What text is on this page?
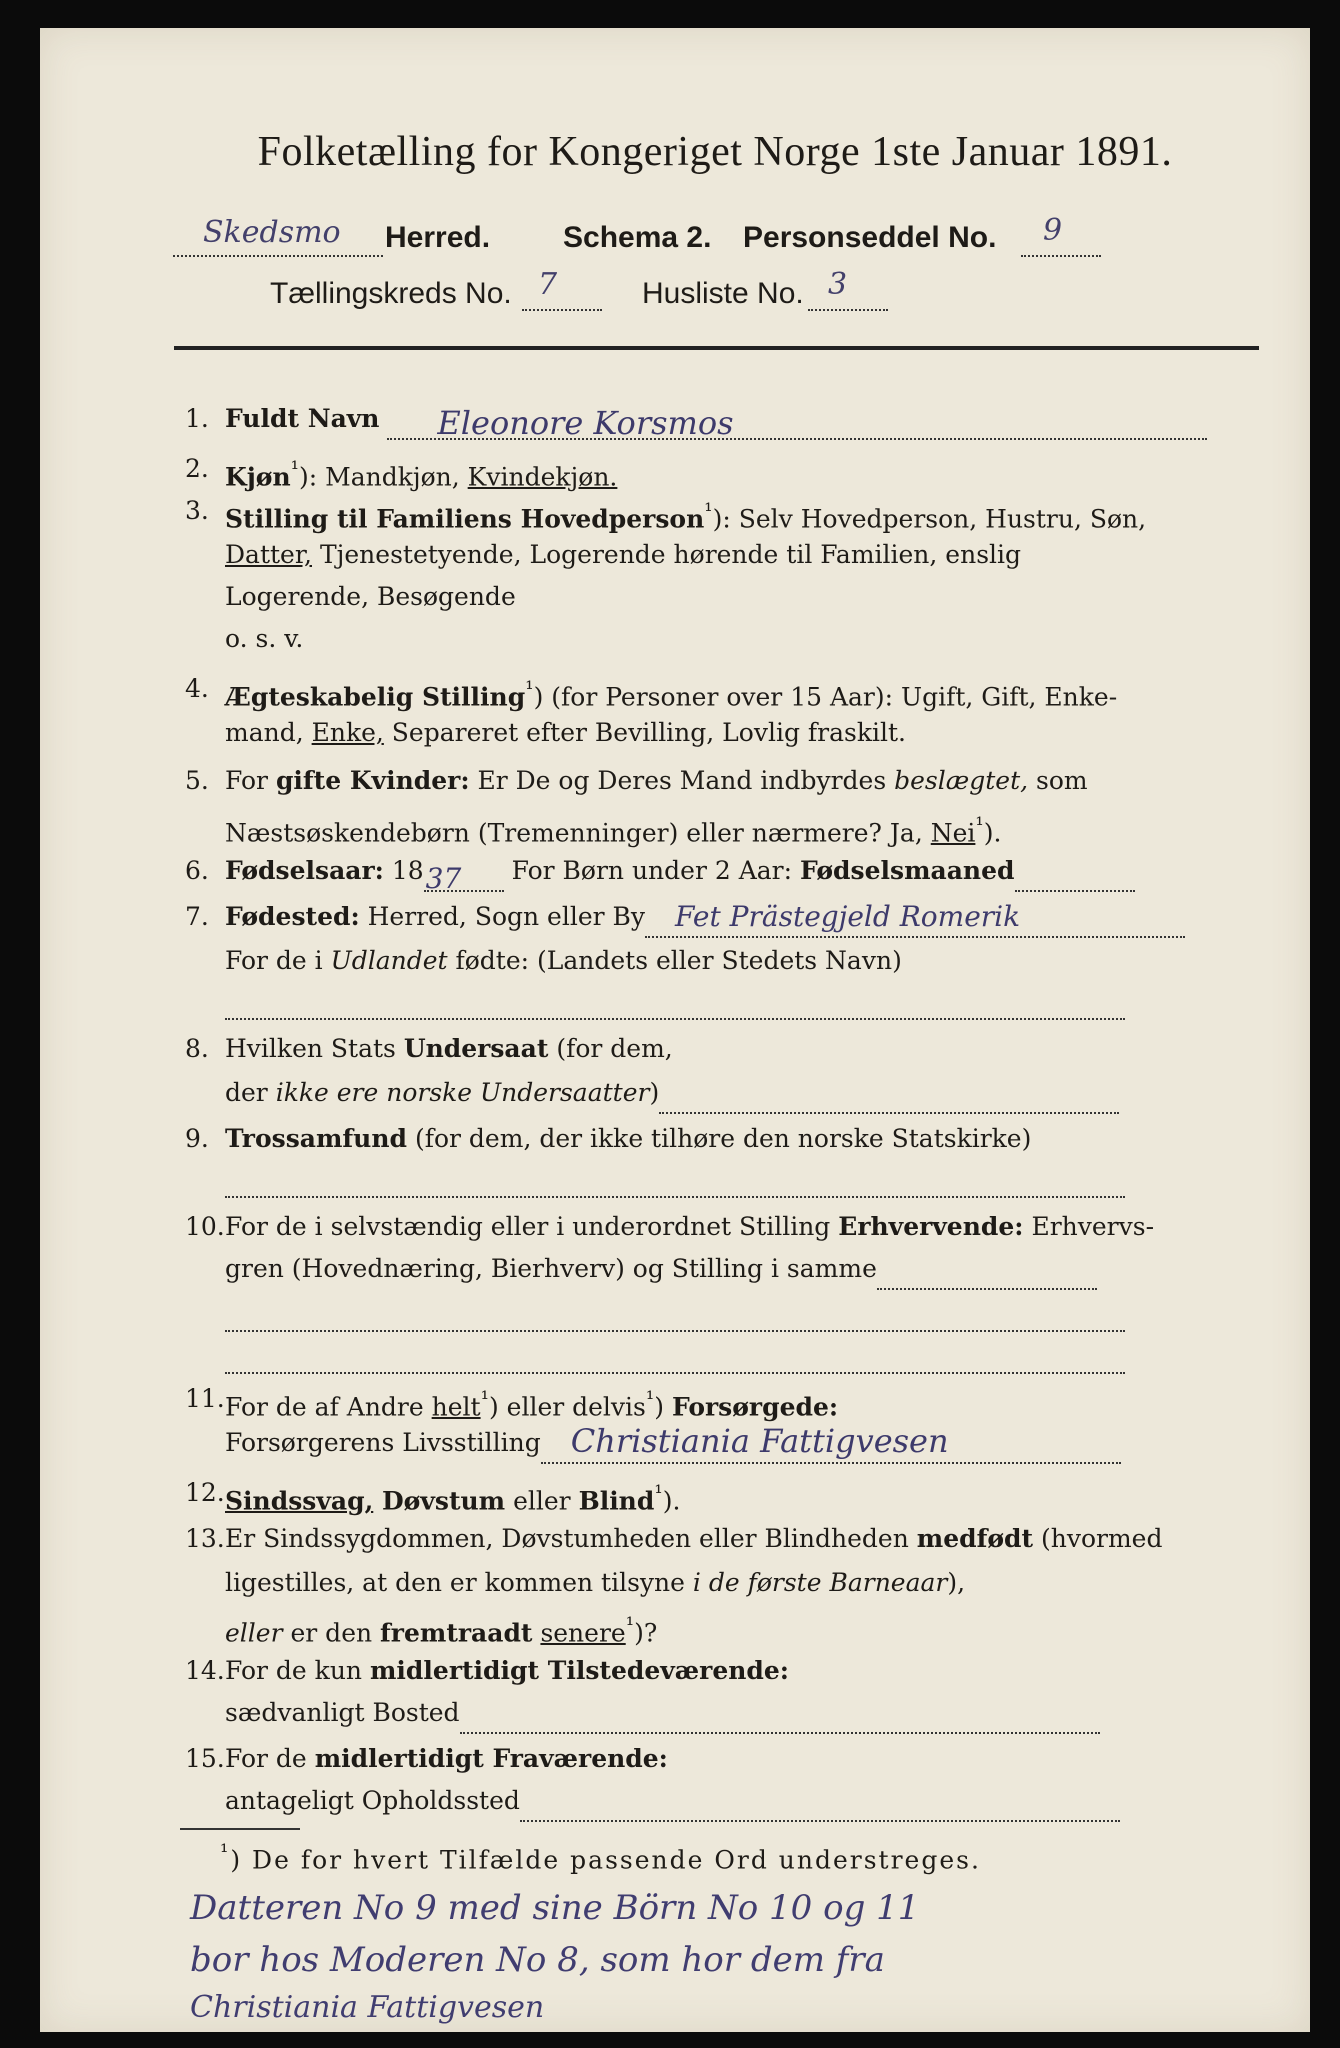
Folketælling for Kongeriget Norge 1ste Januar 1891.
Skedsmo Herred. Schema 2. Personseddel No. 9
Tællingskreds No. 7	Husliste No. 3
1. Fuldt Navn Eleonore Korsmos
2. Kjøn$^{^1}$): Mandkjøn, Kvindekjøn.
3. Stilling til Familiens Hovedperson$^{^1}$): Selv Hovedperson, Hustru, Søn,
Datter, Tjenestetyende, Logerende hørende til Familien, enslig
Logerende, Besøgende
o. s. v.
4. Ægteskabelig Stilling$^{^1}$) (for Personer over 15 Aar): Ugift, Gift, Enke-
mand, Enke, Separeret efter Bevilling, Lovlig fraskilt.
5. For gifte Kvinder: Er De og Deres Mand indbyrdes beslægtet, som
Næstsøskendebørn (Tremenninger) eller nærmere? Ja, Nei$^{^1}$).
6. Fødselsaar: 18 37 For Børn under 2 Aar: Fødselsmaaned
7. Fødested: Herred, Sogn eller By Fet Prästegjeld Romerik
For de i Udlandet fødte: (Landets eller Stedets Navn)
8. Hvilken Stats Undersaat (for dem,
der ikke ere norske Undersaatter)
9. Trossamfund (for dem, der ikke tilhøre den norske Statskirke)
10. For de i selvstændig eller i underordnet Stilling Erhvervende: Erhvervs-
gren (Hovednæring, Bierhverv) og Stilling i samme
11. For de af Andre helt$^{^1}$) eller delvis$^{^1}$) Forsørgede:
Forsørgerens Livsstilling Christiania Fattigvesen
12. Sindssvag, Døvstum eller Blind$^{^1}$).
13. Er Sindssygdommen, Døvstumheden eller Blindheden medfødt (hvormed
ligestilles, at den er kommen tilsyne i de første Barneaar),
eller er den fremtraadt senere$^{^1}$)?
14. For de kun midlertidigt Tilstedeværende:
sædvanligt Bosted
15. For de midlertidigt Fraværende:
antageligt Opholdssted
$^{^1}$) De for hvert Tilfælde passende Ord understreges.
Datteren No 9 med sine Börn No 10 og 11
bor hos Moderen No 8, som hor dem fra
Christiania Fattigvesen
